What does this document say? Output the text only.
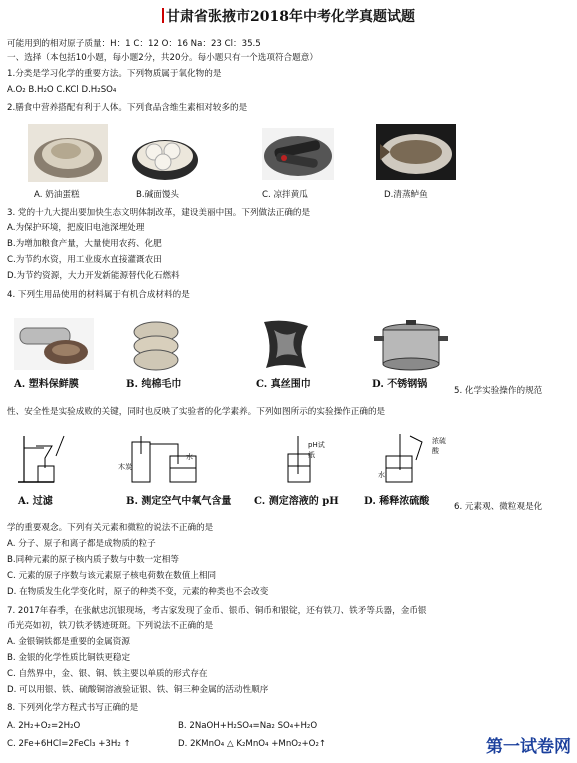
甘肃省张掖市2018年中考化学真题试题
可能用到的相对原子质量：H：1 C：12 O：16 Na：23 Cl：35.5
一、选择（本包括10小题，每小题2分，共20分。每小题只有一个选项符合题意）
1.分类是学习化学的重要方法。下列物质属于氧化物的是
A.O₂ B.H₂O C.KCl D.H₂SO₄
2.膳食中营养搭配有利于人体。下列食品含维生素相对较多的是
A. 奶油蛋糕	B.碱面馒头	C. 凉拌黄瓜	D.清蒸鲈鱼
3. 党的十九大提出要加快生态文明体制改革，建设美丽中国。下列做法正确的是
A.为保护环境，把废旧电池深埋处理
B.为增加粮食产量，大量使用农药、化肥
C.为节约水资，用工业废水直接灌溉农田
D.为节约资源，大力开发新能源替代化石燃料
4. 下列生用品使用的材料属于有机合成材料的是
A. 塑料保鲜膜	B. 纯棉毛巾	C. 真丝围巾	D. 不锈钢锅
5. 化学实验操作的规范
性、安全性是实验成败的关键，同时也反映了实验者的化学素养。下列如图所示的实验操作正确的是
木炭
水
pH试纸
浓硫酸
水
A. 过滤	B. 测定空气中氧气含量 C. 测定溶液的 pH	D. 稀释浓硫酸	6. 元素观、微粒观是化
学的重要观念。下列有关元素和微粒的说法不正确的是
A. 分子、原子和离子都是成物质的粒子
B.同种元素的原子核内质子数与中数一定相等
C. 元素的原子序数与该元素原子核电荷数在数值上相同
D. 在物质发生化学变化时，原子的种类不变，元素的种类也不会改变
7. 2017年春季，在张献忠沉银现场，考古家发现了金币、银币、铜币和银锭，还有铁刀、铁矛等兵器，金币银
币光亮如初，铁刀铁矛锈迹斑斑。下列说法不正确的是
A. 金银铜铁都是重要的金属资源
B. 金银的化学性质比铜铁更稳定
C. 自然界中，金、银、铜、铁主要以单质的形式存在
D. 可以用银、铁、硫酸铜溶液验证银、铁、铜三种金属的活动性顺序
8. 下列列化学方程式书写正确的是
A. 2H₂+O₂=2H₂O	B. 2NaOH+H₂SO₄=Na₂ SO₄+H₂O
C. 2Fe+6HCl=2FeCl₃ +3H₂ ↑	D. 2KMnO₄ △ K₂MnO₄ +MnO₂+O₂↑	第一试卷网
